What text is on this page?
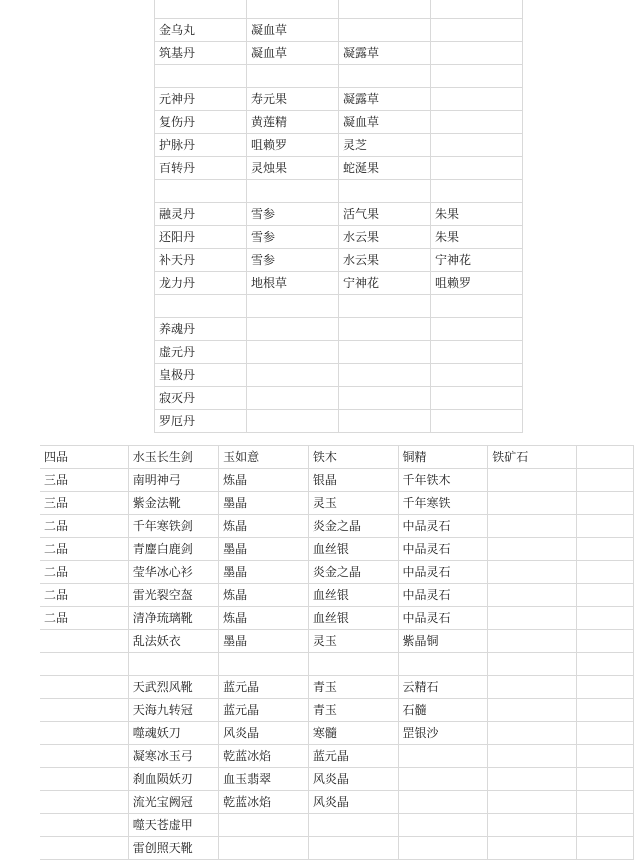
金乌丸	凝血草		
筑基丹	凝血草	凝露草	

元神丹	寿元果	凝露草	
复伤丹	黄莲精	凝血草	
护脉丹	咀赖罗	灵芝	
百转丹	灵烛果	蛇涎果	

融灵丹	雪参	活气果	朱果
还阳丹	雪参	水云果	朱果
补天丹	雪参	水云果	宁神花
龙力丹	地根草	宁神花	咀赖罗

养魂丹			
虚元丹			
皇极丹			
寂灭丹			
罗厄丹			
四品	水玉长生剑	玉如意	铁木	铜精	铁矿石	
三品	南明神弓	炼晶	银晶	千年铁木		
三品	紫金法靴	墨晶	灵玉	千年寒铁		
二品	千年寒铁剑	炼晶	炎金之晶	中品灵石		
二品	青麈白鹿剑	墨晶	血丝银	中品灵石		
二品	莹华冰心衫	墨晶	炎金之晶	中品灵石		
二品	雷光裂空盔	炼晶	血丝银	中品灵石		
二品	清净琉璃靴	炼晶	血丝银	中品灵石		
	乱法妖衣	墨晶	灵玉	紫晶铜		

	天武烈风靴	蓝元晶	青玉	云精石		
	天海九转冠	蓝元晶	青玉	石髓		
	噬魂妖刀	风炎晶	寒髓	罡银沙		
	凝寒冰玉弓	乾蓝冰焰	蓝元晶			
	刹血陨妖刃	血玉翡翠	风炎晶			
	流光宝阙冠	乾蓝冰焰	风炎晶			
	噬天苍虚甲					
	雷创照天靴					
